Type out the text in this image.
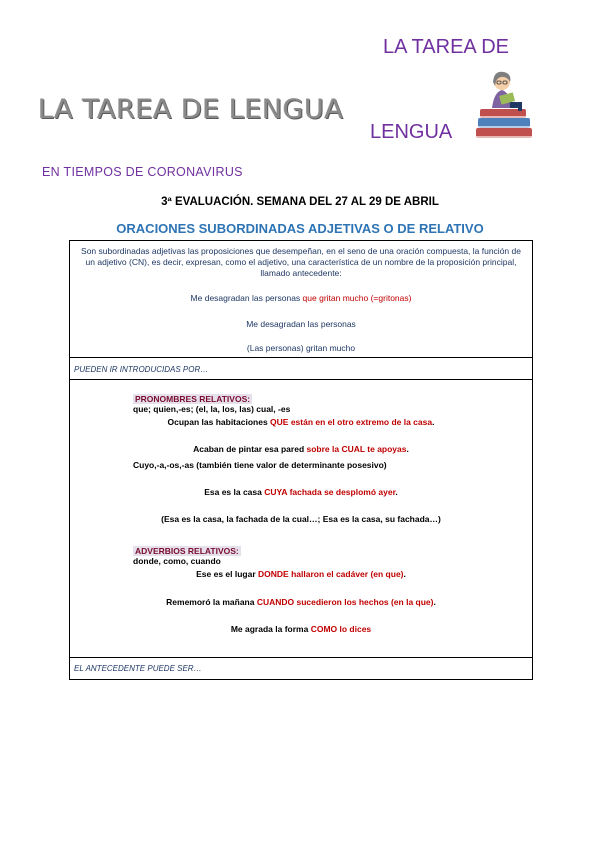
LA TAREA DE LENGUA
LA TAREA DE
LENGUA
EN TIEMPOS DE CORONAVIRUS
3ª EVALUACIÓN. SEMANA DEL 27 AL 29 DE ABRIL
ORACIONES SUBORDINADAS ADJETIVAS O DE RELATIVO
Son subordinadas adjetivas las proposiciones que desempeñan, en el seno de una oración compuesta, la función de un adjetivo (CN), es decir, expresan, como el adjetivo, una característica de un nombre de la proposición principal, llamado antecedente:
Me desagradan las personas que gritan mucho (=gritonas)
Me desagradan las personas
(Las personas) gritan mucho
PUEDEN IR INTRODUCIDAS POR…
PRONOMBRES RELATIVOS:
que; quien,-es; (el, la, los, las) cual, -es
Ocupan las habitaciones QUE están en el otro extremo de la casa.
Acaban de pintar esa pared sobre la CUAL te apoyas.
Cuyo,-a,-os,-as (también tiene valor de determinante posesivo)
Esa es la casa CUYA fachada se desplomó ayer.
(Esa es la casa, la fachada de la cual…; Esa es la casa, su fachada…)
ADVERBIOS RELATIVOS:
donde, como, cuando
Ese es el lugar DONDE hallaron el cadáver (en que).
Rememoró la mañana CUANDO sucedieron los hechos (en la que).
Me agrada la forma COMO lo dices
EL ANTECEDENTE PUEDE SER…
